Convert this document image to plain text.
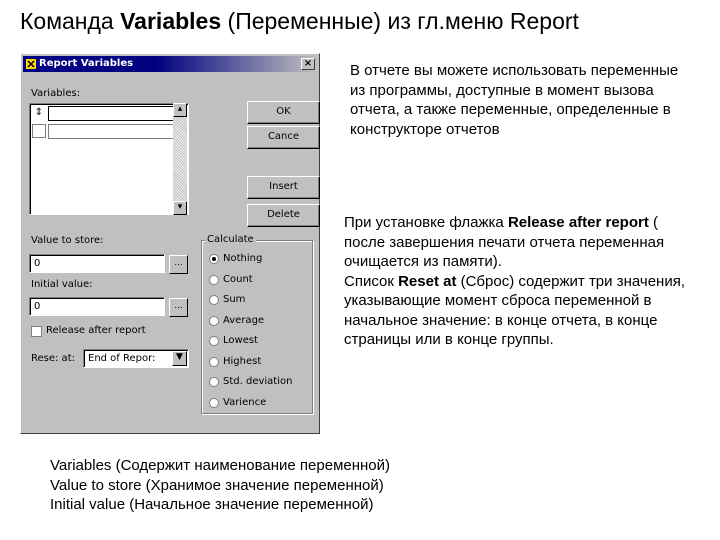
Команда Variables (Переменные) из гл.меню Report
Report Variables	×
Variables:
⇕	▴
▾
OK
Cance
Insert
Delete
Value to store:
0	...
Initial value:
0	...
Release after report
Rese: at:	End of Repor:	▼
Calculate
Nothing
Count
Sum
Average
Lowest
Highest
Std. deviation
Varience
В отчете вы можете использовать переменные из программы, доступные в момент вызова отчета, а также переменные, определенные в конструкторе отчетов
При установке флажка Release after report ( после завершения печати отчета переменная очищается из памяти).
Список Reset at (Сброс) содержит три значения, указывающие момент сброса переменной в начальное значение: в конце отчета, в конце страницы или в конце группы.
Variables (Содержит наименование переменной)
Value to store (Хранимое значение переменной)
Initial value (Начальное значение переменной)
